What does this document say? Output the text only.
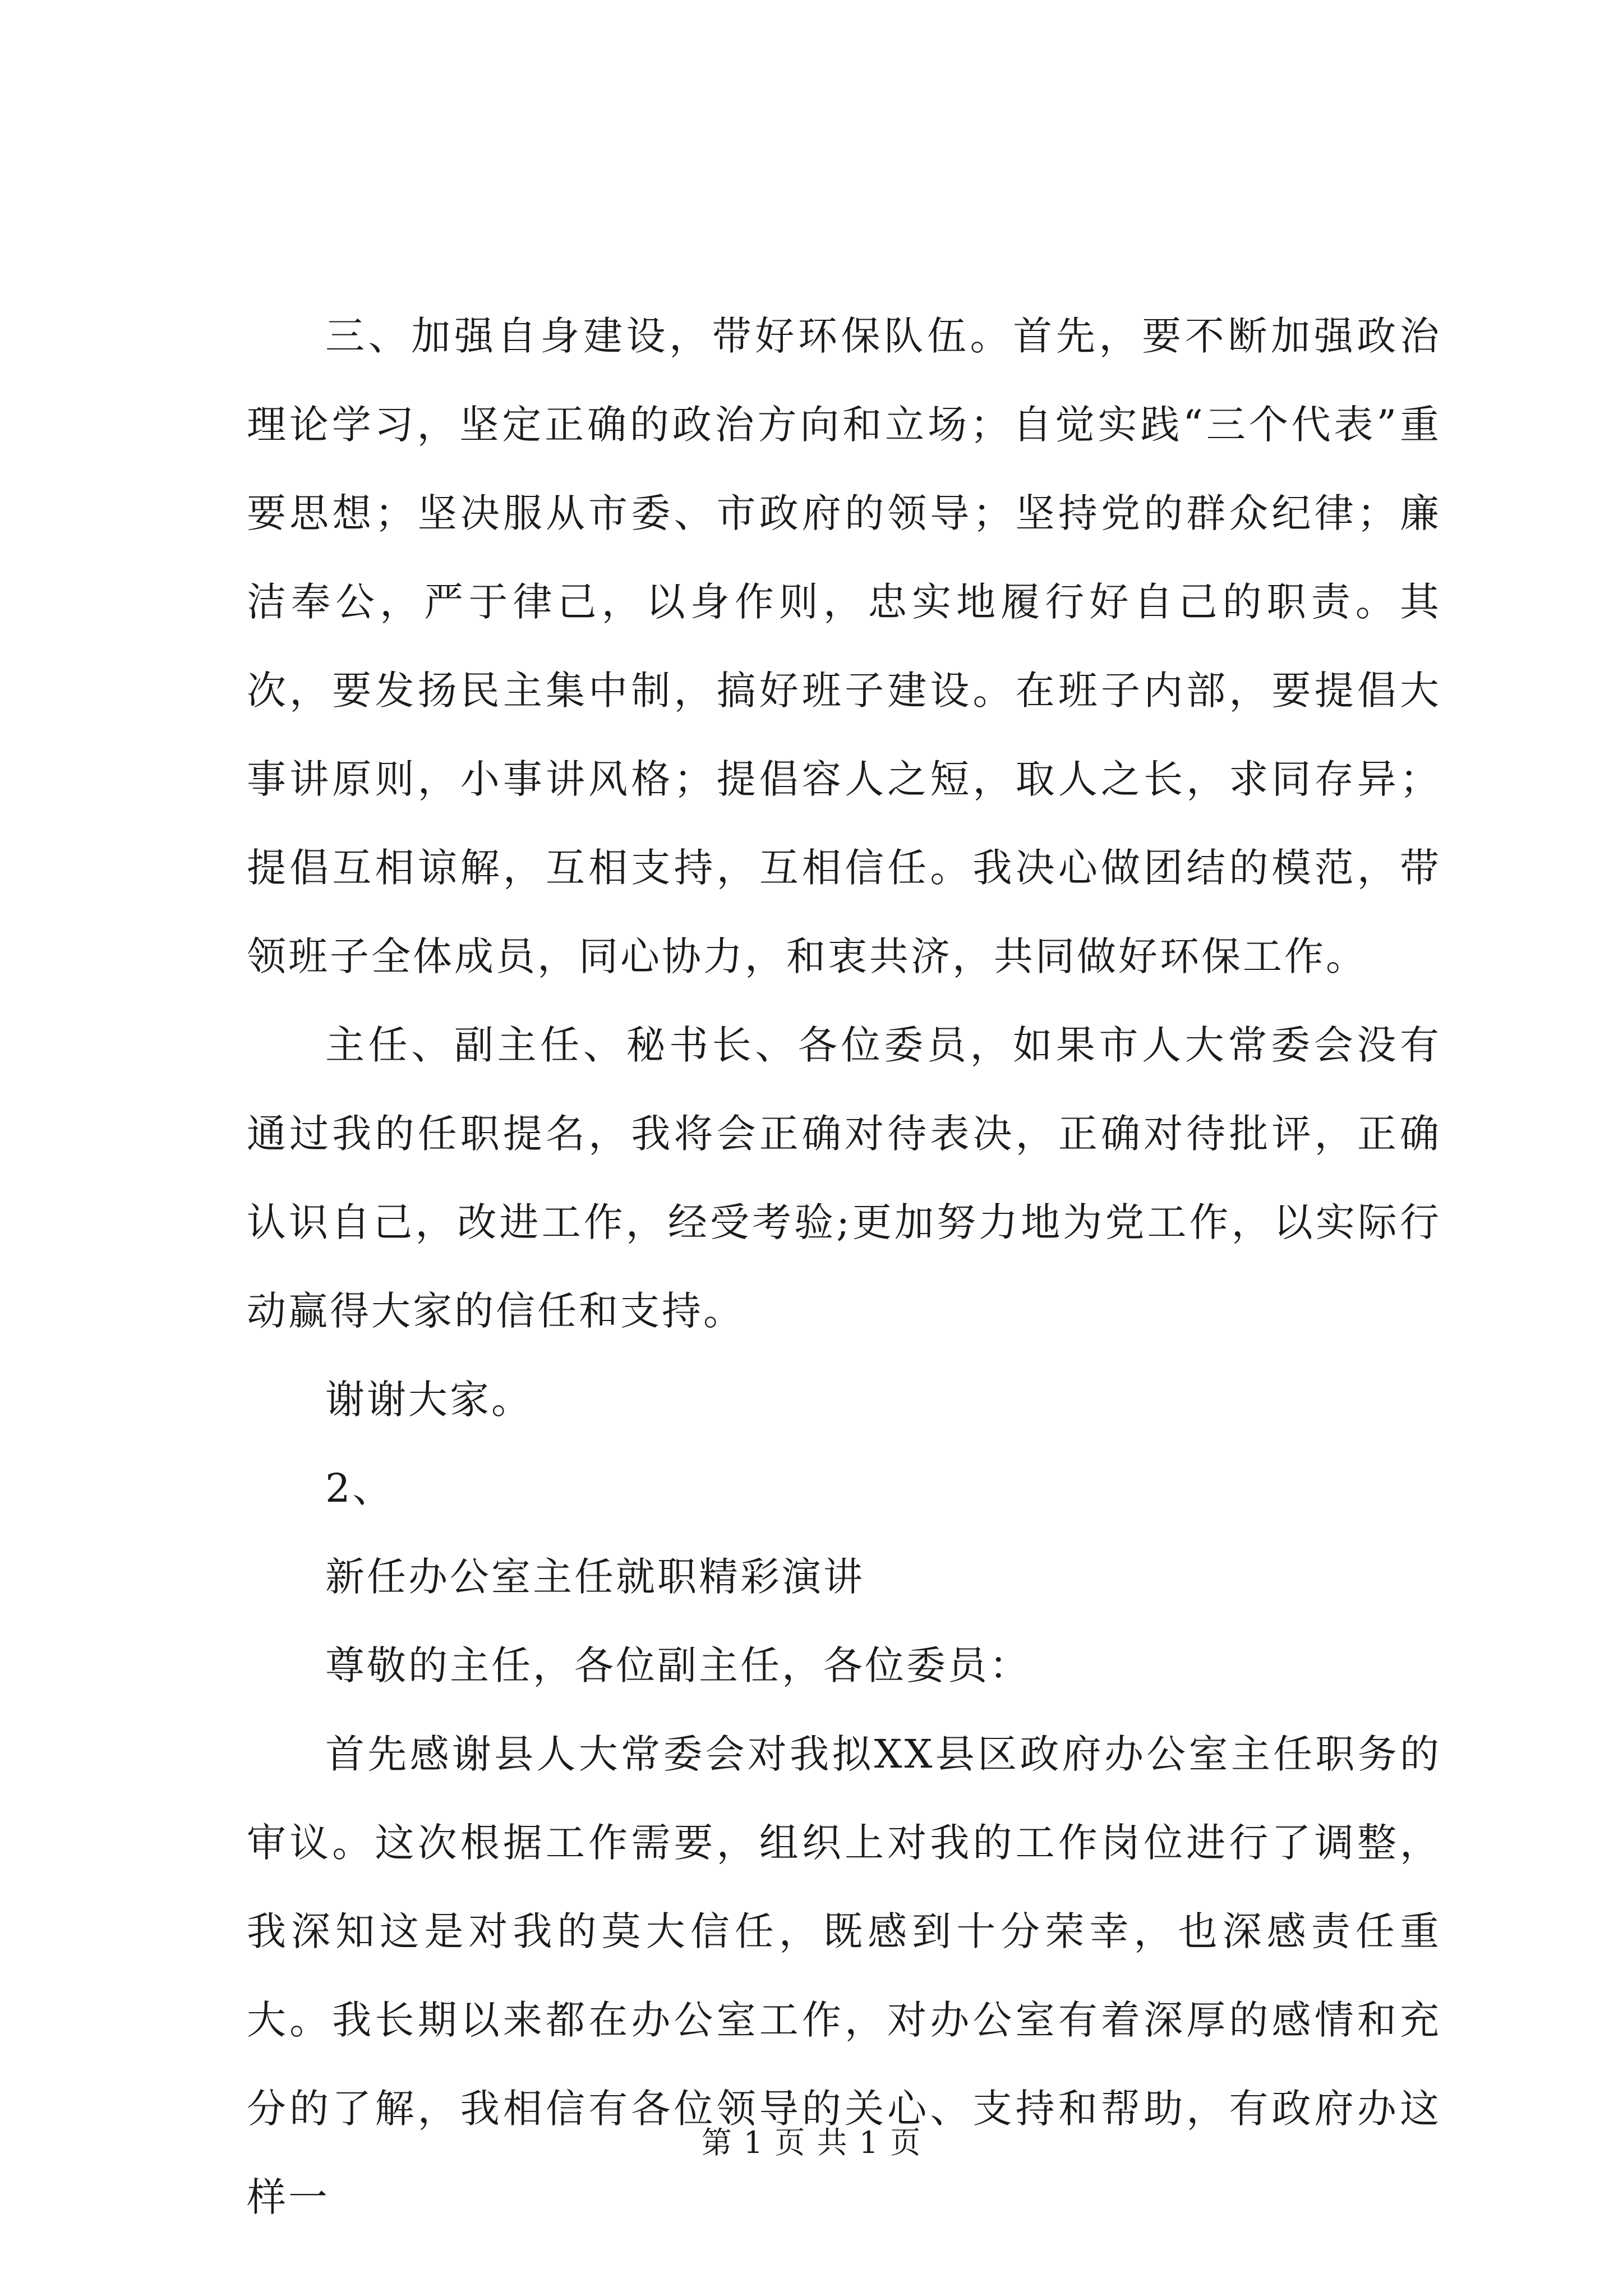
三、加强自身建设，带好环保队伍。首先，要不断加强政治理论学习，坚定正确的政治方向和立场；自觉实践“三个代表”重要思想；坚决服从市委、市政府的领导；坚持党的群众纪律；廉洁奉公，严于律己，以身作则，忠实地履行好自己的职责。其次，要发扬民主集中制，搞好班子建设。在班子内部，要提倡大事讲原则，小事讲风格；提倡容人之短，取人之长，求同存异；提倡互相谅解，互相支持，互相信任。我决心做团结的模范，带领班子全体成员，同心协力，和衷共济，共同做好环保工作。

主任、副主任、秘书长、各位委员，如果市人大常委会没有通过我的任职提名，我将会正确对待表决，正确对待批评，正确认识自己，改进工作，经受考验;更加努力地为党工作，以实际行动赢得大家的信任和支持。

谢谢大家。

2、

新任办公室主任就职精彩演讲

尊敬的主任，各位副主任，各位委员：

首先感谢县人大常委会对我拟XX县区政府办公室主任职务的审议。这次根据工作需要，组织上对我的工作岗位进行了调整，我深知这是对我的莫大信任，既感到十分荣幸，也深感责任重大。我长期以来都在办公室工作，对办公室有着深厚的感情和充分的了解，我相信有各位领导的关心、支持和帮助，有政府办这样一

第 1 页 共 1 页
